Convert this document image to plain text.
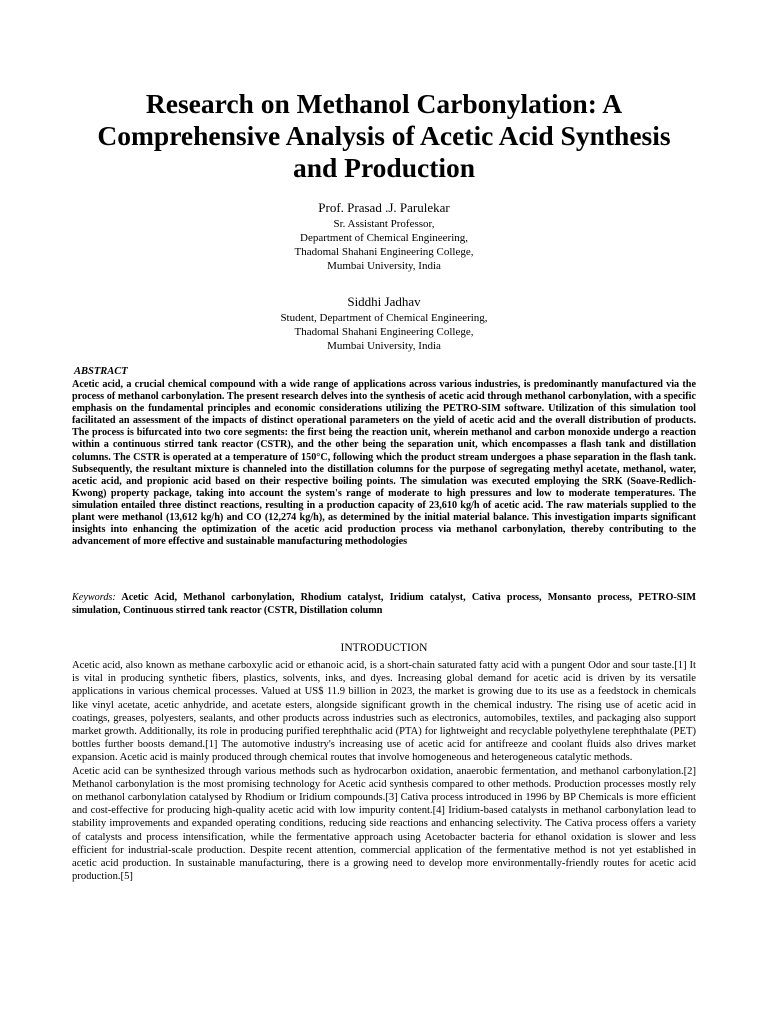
Research on Methanol Carbonylation: A Comprehensive Analysis of Acetic Acid Synthesis and Production
Prof. Prasad .J. Parulekar
Sr. Assistant Professor,
Department of Chemical Engineering,
Thadomal Shahani Engineering College,
Mumbai University, India
Siddhi Jadhav
Student, Department of Chemical Engineering,
Thadomal Shahani Engineering College,
Mumbai University, India
ABSTRACT
Acetic acid, a crucial chemical compound with a wide range of applications across various industries, is predominantly manufactured via the process of methanol carbonylation. The present research delves into the synthesis of acetic acid through methanol carbonylation, with a specific emphasis on the fundamental principles and economic considerations utilizing the PETRO-SIM software. Utilization of this simulation tool facilitated an assessment of the impacts of distinct operational parameters on the yield of acetic acid and the overall distribution of products. The process is bifurcated into two core segments: the first being the reaction unit, wherein methanol and carbon monoxide undergo a reaction within a continuous stirred tank reactor (CSTR), and the other being the separation unit, which encompasses a flash tank and distillation columns. The CSTR is operated at a temperature of 150°C, following which the product stream undergoes a phase separation in the flash tank. Subsequently, the resultant mixture is channeled into the distillation columns for the purpose of segregating methyl acetate, methanol, water, acetic acid, and propionic acid based on their respective boiling points. The simulation was executed employing the SRK (Soave-Redlich-Kwong) property package, taking into account the system's range of moderate to high pressures and low to moderate temperatures. The simulation entailed three distinct reactions, resulting in a production capacity of 23,610 kg/h of acetic acid. The raw materials supplied to the plant were methanol (13,612 kg/h) and CO (12,274 kg/h), as determined by the initial material balance. This investigation imparts significant insights into enhancing the optimization of the acetic acid production process via methanol carbonylation, thereby contributing to the advancement of more effective and sustainable manufacturing methodologies
Keywords: Acetic Acid, Methanol carbonylation, Rhodium catalyst, Iridium catalyst, Cativa process, Monsanto process, PETRO-SIM simulation, Continuous stirred tank reactor (CSTR, Distillation column
INTRODUCTION

Acetic acid, also known as methane carboxylic acid or ethanoic acid, is a short-chain saturated fatty acid with a pungent Odor and sour taste.[1] It is vital in producing synthetic fibers, plastics, solvents, inks, and dyes. Increasing global demand for acetic acid is driven by its versatile applications in various chemical processes. Valued at US$ 11.9 billion in 2023, the market is growing due to its use as a feedstock in chemicals like vinyl acetate, acetic anhydride, and acetate esters, alongside significant growth in the chemical industry. The rising use of acetic acid in coatings, greases, polyesters, sealants, and other products across industries such as electronics, automobiles, textiles, and packaging also support market growth. Additionally, its role in producing purified terephthalic acid (PTA) for lightweight and recyclable polyethylene terephthalate (PET) bottles further boosts demand.[1] The automotive industry's increasing use of acetic acid for antifreeze and coolant fluids also drives market expansion. Acetic acid is mainly produced through chemical routes that involve homogeneous and heterogeneous catalytic methods.

Acetic acid can be synthesized through various methods such as hydrocarbon oxidation, anaerobic fermentation, and methanol carbonylation.[2] Methanol carbonylation is the most promising technology for Acetic acid synthesis compared to other methods. Production processes mostly rely on methanol carbonylation catalysed by Rhodium or Iridium compounds.[3] Cativa process introduced in 1996 by BP Chemicals is more efficient and cost-effective for producing high-quality acetic acid with low impurity content.[4] Iridium-based catalysts in methanol carbonylation lead to stability improvements and expanded operating conditions, reducing side reactions and enhancing selectivity. The Cativa process offers a variety of catalysts and process intensification, while the fermentative approach using Acetobacter bacteria for ethanol oxidation is slower and less efficient for industrial-scale production. Despite recent attention, commercial application of the fermentative method is not yet established in acetic acid production. In sustainable manufacturing, there is a growing need to develop more environmentally-friendly routes for acetic acid production.[5]
